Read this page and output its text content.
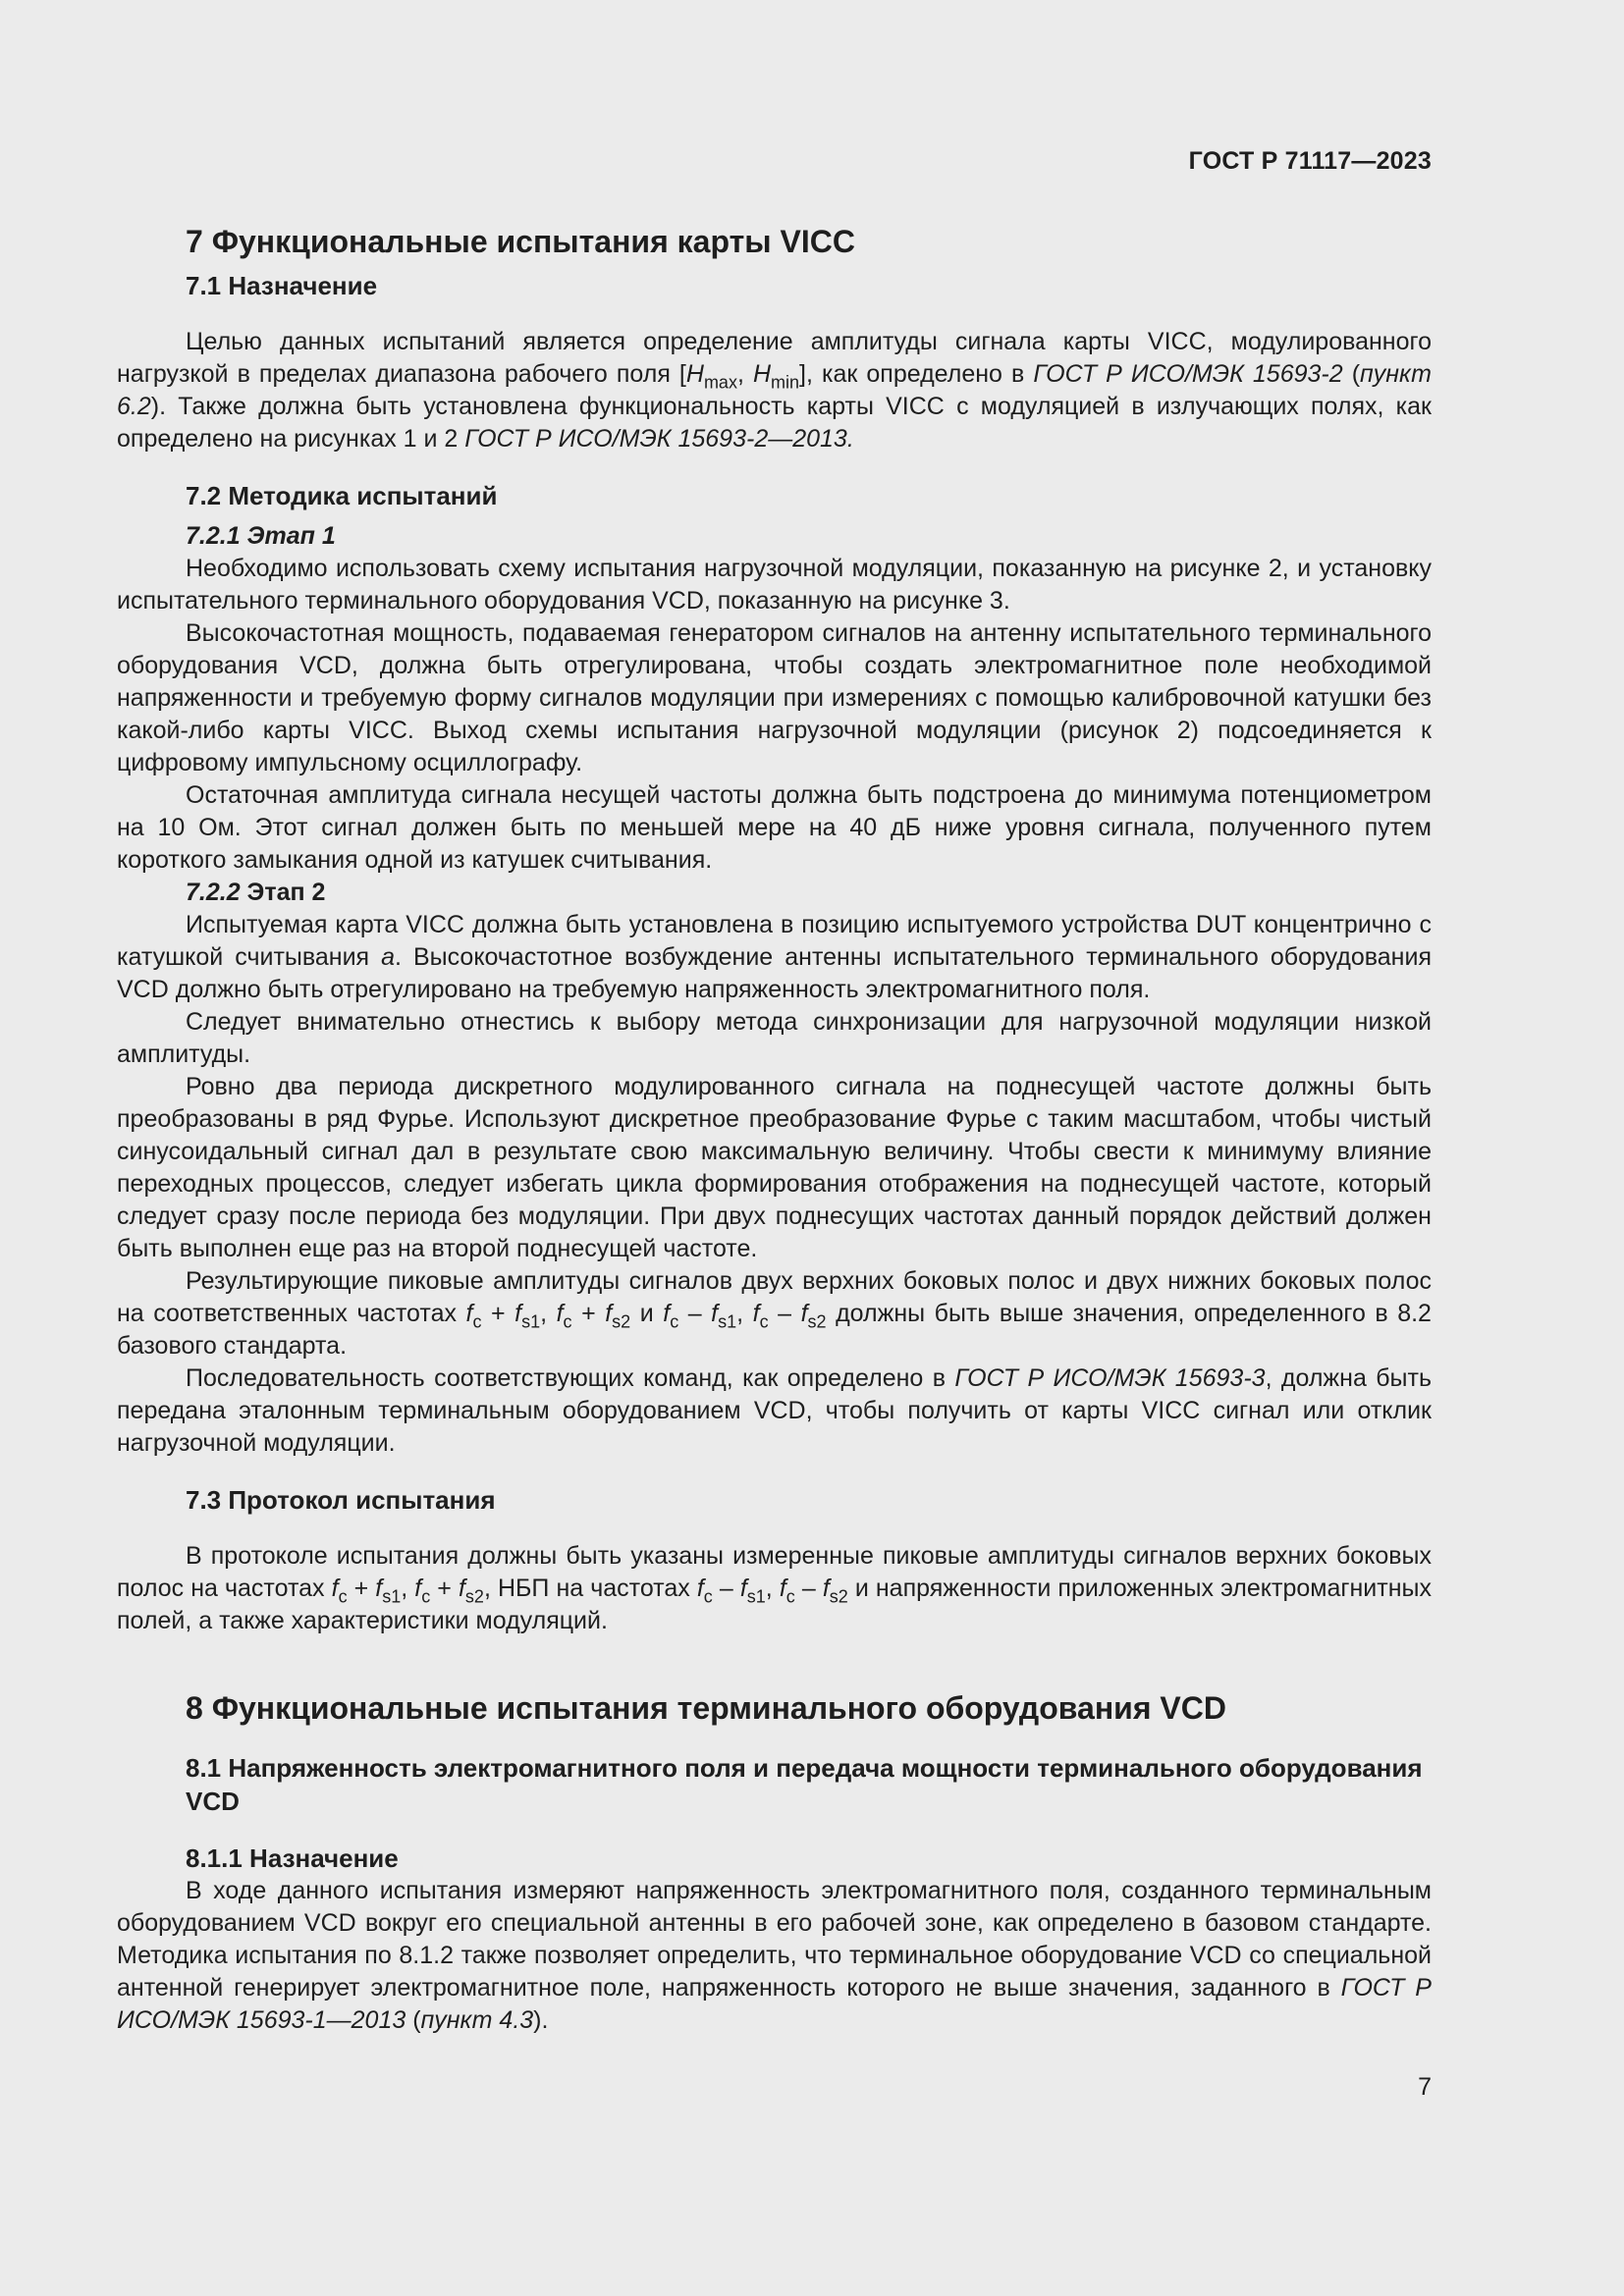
ГОСТ Р 71117—2023
7 Функциональные испытания карты VICC
7.1 Назначение

Целью данных испытаний является определение амплитуды сигнала карты VICC, модулированного нагрузкой в пределах диапазона рабочего поля [$H_{max}$, $H_{min}$], как определено в ГОСТ Р ИСО/МЭК 15693-2 (пункт 6.2). Также должна быть установлена функциональность карты VICC с модуляцией в излучающих полях, как определено на рисунках 1 и 2 ГОСТ Р ИСО/МЭК 15693-2—2013.

7.2 Методика испытаний
7.2.1 Этап 1

Необходимо использовать схему испытания нагрузочной модуляции, показанную на рисунке 2, и установку испытательного терминального оборудования VCD, показанную на рисунке 3.

Высокочастотная мощность, подаваемая генератором сигналов на антенну испытательного терминального оборудования VCD, должна быть отрегулирована, чтобы создать электромагнитное поле необходимой напряженности и требуемую форму сигналов модуляции при измерениях с помощью калибровочной катушки без какой-либо карты VICC. Выход схемы испытания нагрузочной модуляции (рисунок 2) подсоединяется к цифровому импульсному осциллографу.

Остаточная амплитуда сигнала несущей частоты должна быть подстроена до минимума потенциометром на 10 Ом. Этот сигнал должен быть по меньшей мере на 40 дБ ниже уровня сигнала, полученного путем короткого замыкания одной из катушек считывания.

7.2.2 Этап 2

Испытуемая карта VICC должна быть установлена в позицию испытуемого устройства DUT концентрично с катушкой считывания a. Высокочастотное возбуждение антенны испытательного терминального оборудования VCD должно быть отрегулировано на требуемую напряженность электромагнитного поля.

Следует внимательно отнестись к выбору метода синхронизации для нагрузочной модуляции низкой амплитуды.

Ровно два периода дискретного модулированного сигнала на поднесущей частоте должны быть преобразованы в ряд Фурье. Используют дискретное преобразование Фурье с таким масштабом, чтобы чистый синусоидальный сигнал дал в результате свою максимальную величину. Чтобы свести к минимуму влияние переходных процессов, следует избегать цикла формирования отображения на поднесущей частоте, который следует сразу после периода без модуляции. При двух поднесущих частотах данный порядок действий должен быть выполнен еще раз на второй поднесущей частоте.

Результирующие пиковые амплитуды сигналов двух верхних боковых полос и двух нижних боковых полос на соответственных частотах $f_c + f_{s1}$, $f_c + f_{s2}$ и $f_c - f_{s1}$, $f_c - f_{s2}$ должны быть выше значения, определенного в 8.2 базового стандарта.

Последовательность соответствующих команд, как определено в ГОСТ Р ИСО/МЭК 15693-3, должна быть передана эталонным терминальным оборудованием VCD, чтобы получить от карты VICC сигнал или отклик нагрузочной модуляции.

7.3 Протокол испытания

В протоколе испытания должны быть указаны измеренные пиковые амплитуды сигналов верхних боковых полос на частотах $f_c + f_{s1}$, $f_c + f_{s2}$, НБП на частотах $f_c - f_{s1}$, $f_c - f_{s2}$ и напряженности приложенных электромагнитных полей, а также характеристики модуляций.

8 Функциональные испытания терминального оборудования VCD
8.1 Напряженность электромагнитного поля и передача мощности терминального оборудования VCD
8.1.1 Назначение

В ходе данного испытания измеряют напряженность электромагнитного поля, созданного терминальным оборудованием VCD вокруг его специальной антенны в его рабочей зоне, как определено в базовом стандарте. Методика испытания по 8.1.2 также позволяет определить, что терминальное оборудование VCD со специальной антенной генерирует электромагнитное поле, напряженность которого не выше значения, заданного в ГОСТ Р ИСО/МЭК 15693-1—2013 (пункт 4.3).

7
